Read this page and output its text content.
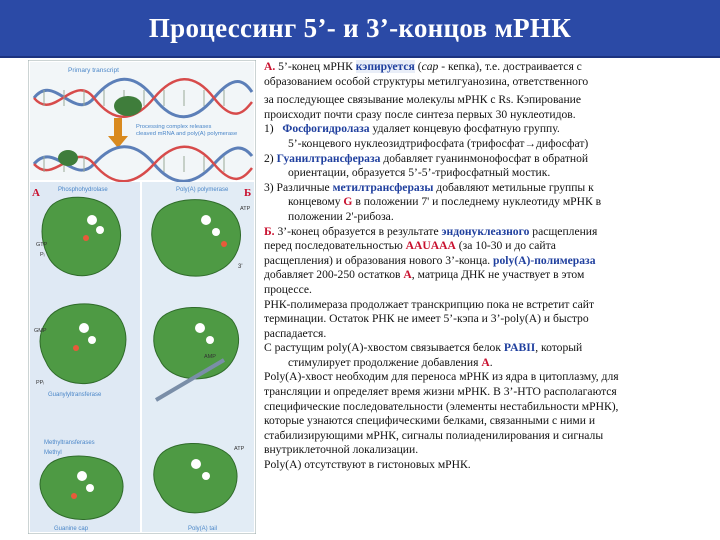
Процессинг 5’- и 3’-концов мРНК
Primary transcript
Processing complex releases
cleaved mRNA and poly(A) polymerase
А	Phosphohydrolase
GTP
Pᵢ
GMP
PPᵢ
Guanylyltransferase
Methyltransferases
Methyl
Guanine cap
Б
Poly(A) polymerase
ATP
3'
AMP
ATP
Poly(A) tail

А. 5’-конец мРНК кэпируется (cap - кепка), т.е. достраивается с

образованием особой структуры метилгуанозина, ответственного

за последующее связывание молекулы мРНК с Rs. Кэпирование

происходит почти сразу после синтеза первых 30 нуклеотидов.

1) Фосфогидролаза удаляет концевую фосфатную группу.

5’-концевого нуклеозидтрифосфата (трифосфат→дифосфат)

2) Гуанилтрансфераза добавляет гуанинмонофосфат в обратной

ориентации, образуется 5’-5’-трифосфатный мостик.

3) Различные метилтрансферазы добавляют метильные группы к

концевому G в положении 7' и последнему нуклеотиду мРНК в

положении 2'-рибоза.

Б. 3’-конец образуется в результате эндонуклеазного расщепления

перед последовательностью AAUAAA (за 10-30 и до сайта

расщепления) и образования нового 3’-конца. poly(A)-полимераза

добавляет 200-250 остатков А, матрица ДНК не участвует в этом

процессе.

РНК-полимераза продолжает транскрипцию пока не встретит сайт

терминации. Остаток РНК не имеет 5’-кэпа и 3’-poly(A) и быстро

распадается.

С растущим poly(A)-хвостом связывается белок PABII, который

стимулирует продолжение добавления А.

Poly(A)-хвост необходим для переноса мРНК из ядра в цитоплазму, для

трансляции и определяет время жизни мРНК. В 3’-НТО располагаются

специфические последовательности (элементы нестабильности мРНК),

которые узнаются специфическими белками, связанными с ними и

стабилизирующими мРНК, сигналы полиаденилирования и сигналы

внутриклеточной локализации.

Poly(A) отсутствуют в гистоновых мРНК.
